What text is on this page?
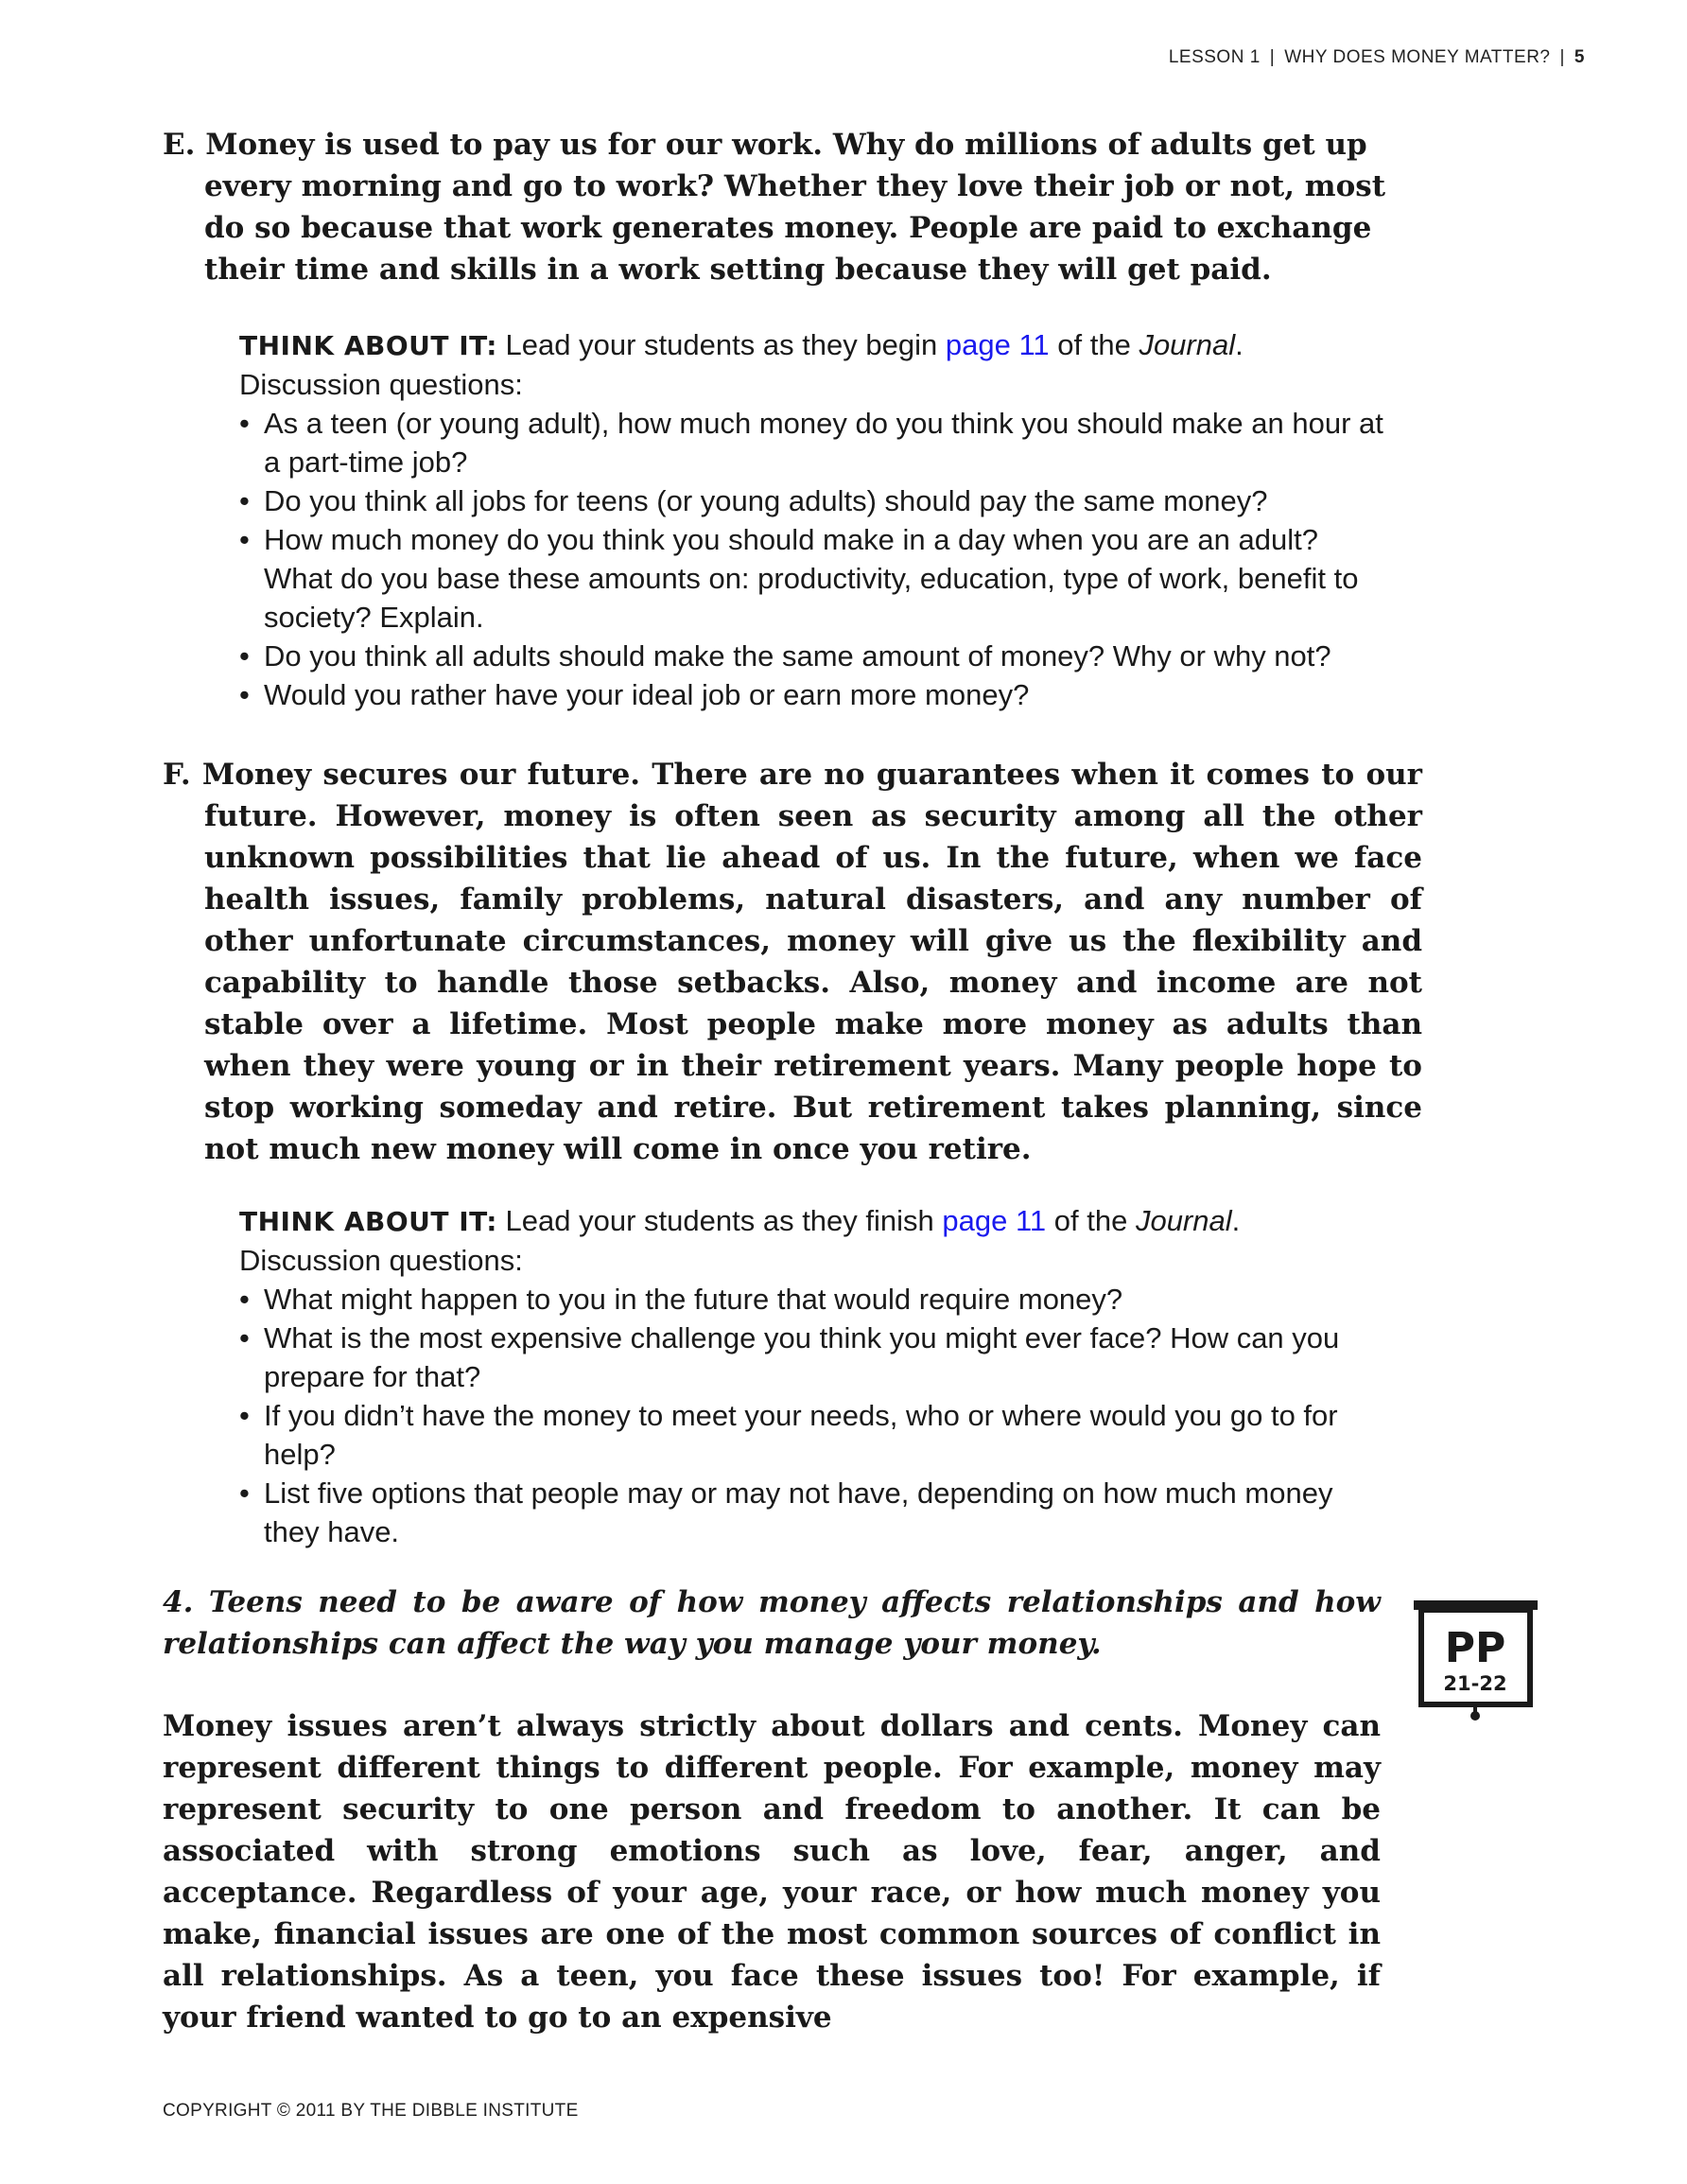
LESSON 1 | WHY DOES MONEY MATTER? | 5
E. Money is used to pay us for our work. Why do millions of adults get up every morning and go to work? Whether they love their job or not, most do so because that work generates money. People are paid to exchange their time and skills in a work setting because they will get paid.
THINK ABOUT IT: Lead your students as they begin page 11 of the Journal.
Discussion questions:
• As a teen (or young adult), how much money do you think you should make an hour at a part-time job?
• Do you think all jobs for teens (or young adults) should pay the same money?
• How much money do you think you should make in a day when you are an adult? What do you base these amounts on: productivity, education, type of work, benefit to society? Explain.
• Do you think all adults should make the same amount of money? Why or why not?
• Would you rather have your ideal job or earn more money?
F. Money secures our future. There are no guarantees when it comes to our future. However, money is often seen as security among all the other unknown possibilities that lie ahead of us. In the future, when we face health issues, family problems, natural disasters, and any number of other unfortunate circumstances, money will give us the flexibility and capability to handle those setbacks. Also, money and income are not stable over a lifetime. Most people make more money as adults than when they were young or in their retirement years. Many people hope to stop working someday and retire. But retirement takes planning, since not much new money will come in once you retire.
THINK ABOUT IT: Lead your students as they finish page 11 of the Journal.
Discussion questions:
• What might happen to you in the future that would require money?
• What is the most expensive challenge you think you might ever face? How can you prepare for that?
• If you didn’t have the money to meet your needs, who or where would you go to for help?
• List five options that people may or may not have, depending on how much money they have.
4. Teens need to be aware of how money affects relationships and how relationships can affect the way you manage your money.	PP
21-22
Money issues aren’t always strictly about dollars and cents. Money can represent different things to different people. For example, money may represent security to one person and freedom to another. It can be associated with strong emotions such as love, fear, anger, and acceptance. Regardless of your age, your race, or how much money you make, financial issues are one of the most common sources of conflict in all relationships. As a teen, you face these issues too! For example, if your friend wanted to go to an expensive
COPYRIGHT © 2011 BY THE DIBBLE INSTITUTE
